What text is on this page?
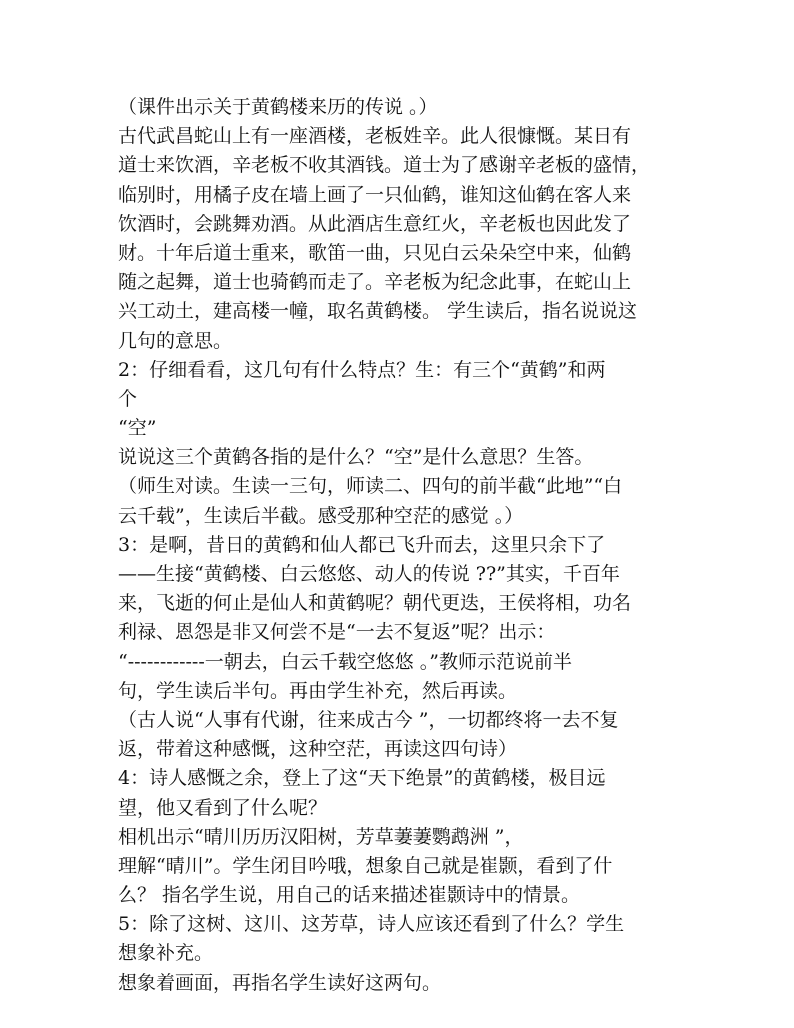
（课件出示关于黄鹤楼来历的传说 。）
古代武昌蛇山上有一座酒楼，老板姓辛。此人很慷慨。某日有
道士来饮酒，辛老板不收其酒钱。道士为了感谢辛老板的盛情，
临别时，用橘子皮在墙上画了一只仙鹤，谁知这仙鹤在客人来
饮酒时，会跳舞劝酒。从此酒店生意红火，辛老板也因此发了
财。十年后道士重来，歌笛一曲，只见白云朵朵空中来，仙鹤
随之起舞，道士也骑鹤而走了。辛老板为纪念此事，在蛇山上
兴工动土，建高楼一幢，取名黄鹤楼。 学生读后，指名说说这
几句的意思。
2：仔细看看，这几句有什么特点？生：有三个“黄鹤”和两
个
“空”
说说这三个黄鹤各指的是什么？“空”是什么意思？生答。
（师生对读。生读一三句，师读二、四句的前半截“此地”“白
云千载”，生读后半截。感受那种空茫的感觉 。）
3：是啊，昔日的黄鹤和仙人都已飞升而去，这里只余下了
——生接“黄鹤楼、白云悠悠、动人的传说 ??”其实，千百年
来，飞逝的何止是仙人和黄鹤呢？朝代更迭，王侯将相，功名
利禄、恩怨是非又何尝不是“一去不复返”呢？出示：
“------------一朝去，白云千载空悠悠 。”教师示范说前半
句，学生读后半句。再由学生补充，然后再读。
（古人说“人事有代谢，往来成古今 ”，一切都终将一去不复
返，带着这种感慨，这种空茫，再读这四句诗）
4：诗人感慨之余，登上了这“天下绝景”的黄鹤楼，极目远
望，他又看到了什么呢？
相机出示“晴川历历汉阳树，芳草萋萋鹦鹉洲 ”，
理解“晴川”。学生闭目吟哦，想象自己就是崔颢，看到了什
么？ 指名学生说，用自己的话来描述崔颢诗中的情景。
5：除了这树、这川、这芳草，诗人应该还看到了什么？学生
想象补充。
想象着画面，再指名学生读好这两句。
